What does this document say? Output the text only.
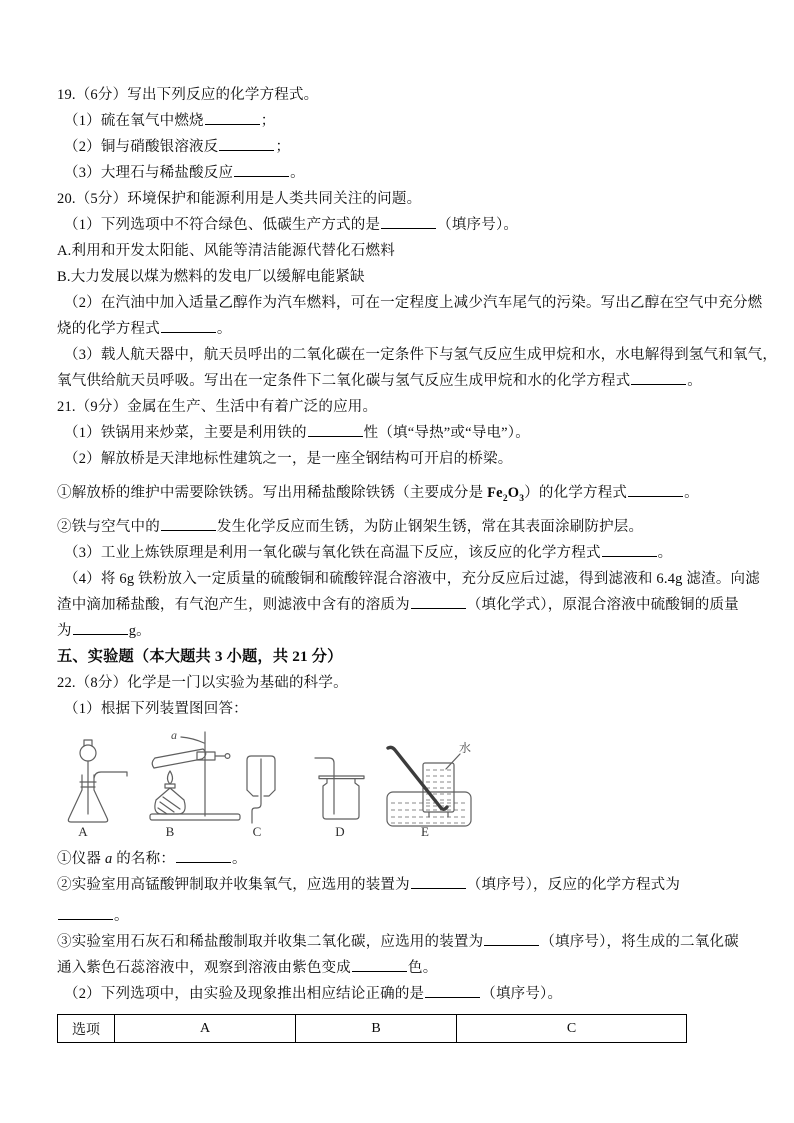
19.（6分）写出下列反应的化学方程式。
（1）硫在氧气中燃烧	；
（2）铜与硝酸银溶液反	；
（3）大理石与稀盐酸反应	。
20.（5分）环境保护和能源利用是人类共同关注的问题。
（1）下列选项中不符合绿色、低碳生产方式的是	（填序号）。
A.利用和开发太阳能、风能等清洁能源代替化石燃料
B.大力发展以煤为燃料的发电厂以缓解电能紧缺
（2）在汽油中加入适量乙醇作为汽车燃料，可在一定程度上减少汽车尾气的污染。写出乙醇在空气中充分燃
烧的化学方程式	。
（3）载人航天器中，航天员呼出的二氧化碳在一定条件下与氢气反应生成甲烷和水，水电解得到氢气和氧气，
氧气供给航天员呼吸。写出在一定条件下二氧化碳与氢气反应生成甲烷和水的化学方程式	。
21.（9分）金属在生产、生活中有着广泛的应用。
（1）铁锅用来炒菜，主要是利用铁的	性（填“导热”或“导电”）。
（2）解放桥是天津地标性建筑之一，是一座全钢结构可开启的桥梁。
①解放桥的维护中需要除铁锈。写出用稀盐酸除铁锈（主要成分是 $Fe_2O_3$）的化学方程式	。
②铁与空气中的	发生化学反应而生锈，为防止钢架生锈，常在其表面涂刷防护层。
（3）工业上炼铁原理是利用一氧化碳与氧化铁在高温下反应，该反应的化学方程式	。
（4）将 6g 铁粉放入一定质量的硫酸铜和硫酸锌混合溶液中，充分反应后过滤，得到滤液和 6.4g 滤渣。向滤
渣中滴加稀盐酸，有气泡产生，则滤液中含有的溶质为	（填化学式），原混合溶液中硫酸铜的质量
为	g。
五、实验题（本大题共 3 小题，共 21 分）
22.（8分）化学是一门以实验为基础的科学。
（1）根据下列装置图回答：
a
水
A	B	C	D	E
①仪器 a 的名称：	。
②实验室用高锰酸钾制取并收集氧气，应选用的装置为	（填序号），反应的化学方程式为
。
③实验室用石灰石和稀盐酸制取并收集二氧化碳，应选用的装置为	（填序号），将生成的二氧化碳
通入紫色石蕊溶液中，观察到溶液由紫色变成	色。
（2）下列选项中，由实验及现象推出相应结论正确的是	（填序号）。
选项	A	B	C
